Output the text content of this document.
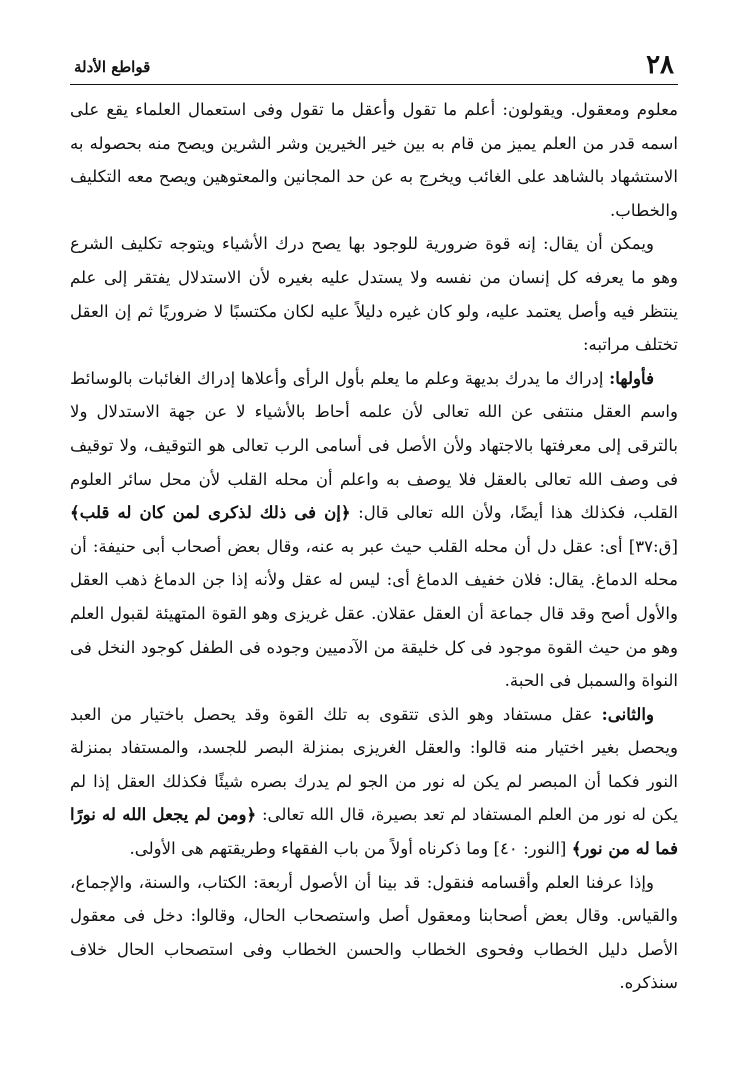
٢٨
قواطع الأدلة

معلوم ومعقول. ويقولون: أعلم ما تقول وأعقل ما تقول وفى استعمال العلماء يقع على اسمه قدر من العلم يميز من قام به بين خير الخيرين وشر الشرين ويصح منه بحصوله به الاستشهاد بالشاهد على الغائب ويخرج به عن حد المجانين والمعتوهين ويصح معه التكليف والخطاب.

ويمكن أن يقال: إنه قوة ضرورية للوجود بها يصح درك الأشياء ويتوجه تكليف الشرع وهو ما يعرفه كل إنسان من نفسه ولا يستدل عليه بغيره لأن الاستدلال يفتقر إلى علم ينتظر فيه وأصل يعتمد عليه، ولو كان غيره دليلاً عليه لكان مكتسبًا لا ضروريًا ثم إن العقل تختلف مراتبه:

فأولها: إدراك ما يدرك بديهة وعلم ما يعلم بأول الرأى وأعلاها إدراك الغائبات بالوسائط واسم العقل منتفى عن الله تعالى لأن علمه أحاط بالأشياء لا عن جهة الاستدلال ولا بالترقى إلى معرفتها بالاجتهاد ولأن الأصل فى أسامى الرب تعالى هو التوقيف، ولا توقيف فى وصف الله تعالى بالعقل فلا يوصف به واعلم أن محله القلب لأن محل سائر العلوم القلب، فكذلك هذا أيضًا، ولأن الله تعالى قال: ﴿إن فى ذلك لذكرى لمن كان له قلب﴾ [ق:٣٧] أى: عقل دل أن محله القلب حيث عبر به عنه، وقال بعض أصحاب أبى حنيفة: أن محله الدماغ. يقال: فلان خفيف الدماغ أى: ليس له عقل ولأنه إذا جن الدماغ ذهب العقل والأول أصح وقد قال جماعة أن العقل عقلان. عقل غريزى وهو القوة المتهيئة لقبول العلم وهو من حيث القوة موجود فى كل خليقة من الآدميين وجوده فى الطفل كوجود النخل فى النواة والسمبل فى الحبة.

والثانى: عقل مستفاد وهو الذى تتقوى به تلك القوة وقد يحصل باختيار من العبد ويحصل بغير اختيار منه قالوا: والعقل الغريزى بمنزلة البصر للجسد، والمستفاد بمنزلة النور فكما أن المبصر لم يكن له نور من الجو لم يدرك بصره شيئًا فكذلك العقل إذا لم يكن له نور من العلم المستفاد لم تعد بصيرة، قال الله تعالى: ﴿ومن لم يجعل الله له نورًا فما له من نور﴾ [النور: ٤٠] وما ذكرناه أولاً من باب الفقهاء وطريقتهم هى الأولى.

وإذا عرفنا العلم وأقسامه فنقول: قد بينا أن الأصول أربعة: الكتاب، والسنة، والإجماع، والقياس. وقال بعض أصحابنا ومعقول أصل واستصحاب الحال، وقالوا: دخل فى معقول الأصل دليل الخطاب وفحوى الخطاب والحسن الخطاب وفى استصحاب الحال خلاف سنذكره.
